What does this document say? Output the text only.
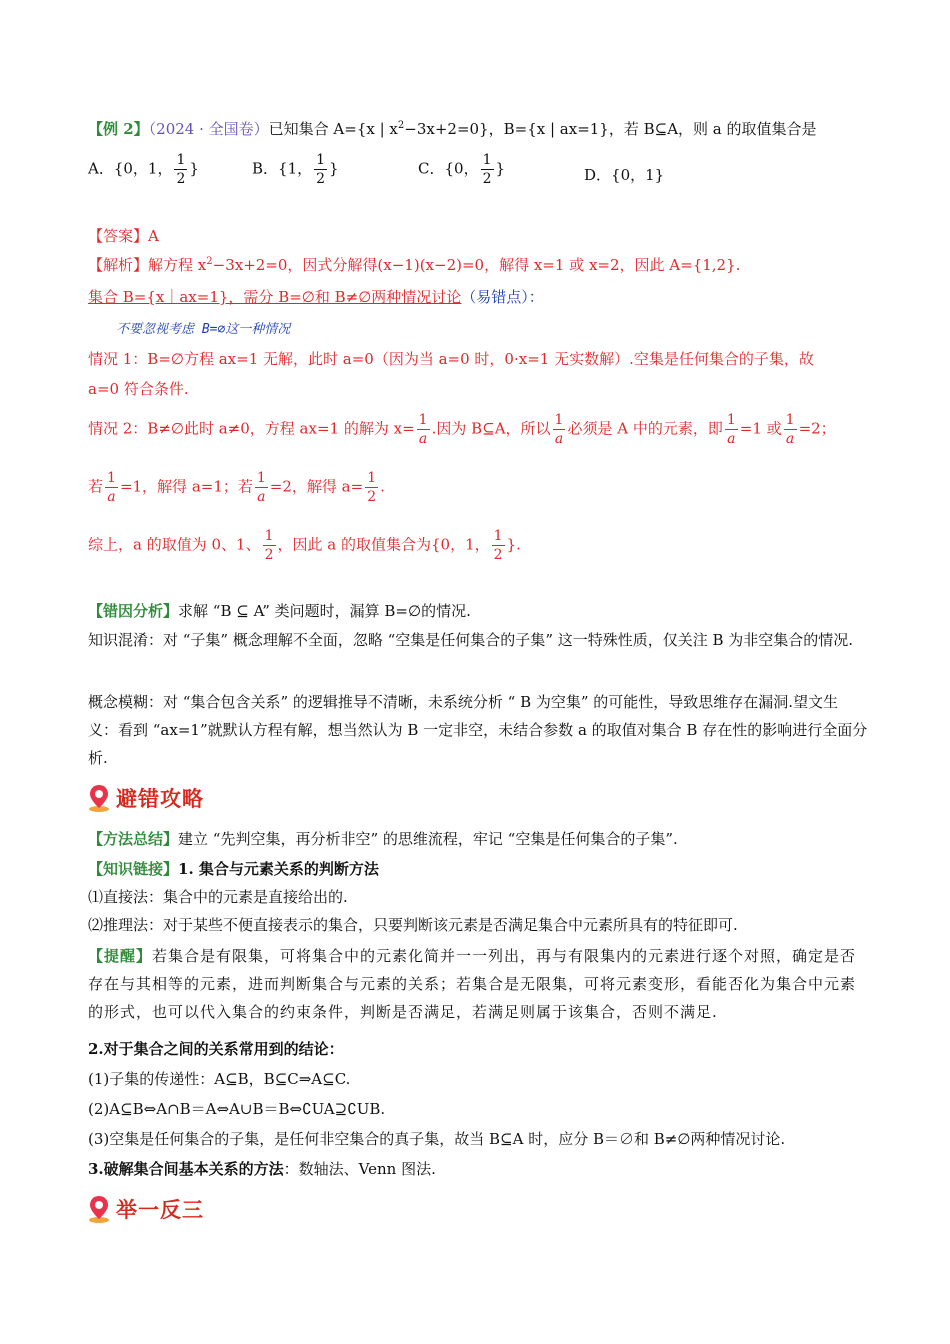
【例 2】（2024 · 全国卷）已知集合 A={x | $x^2-3x+2=0$}，B={x | ax=1}，若 B⊆A，则 a 的取值集合是
A．{0，1， $\frac{1}{2}$ }	B．{1， $\frac{1}{2}$ }	C．{0， $\frac{1}{2}$ }	D．{0，1}
【答案】A
【解析】解方程 $x^2-3x+2=0$，因式分解得(x−1)(x−2)=0，解得 x=1 或 x=2，因此 A={1,2}.
集合 B={x｜ax=1}，需分 B=∅和 B≠∅两种情况讨论（易错点）：
不要忽视考虑 B=∅这一种情况
情况 1：B=∅方程 ax=1 无解，此时 a=0（因为当 a=0 时，0·x=1 无实数解）.空集是任何集合的子集，故
a=0 符合条件.
情况 2：B≠∅此时 a≠0，方程 ax=1 的解为 $x= \frac{1}{a}$ .因为 B⊆A，所以 $\frac{1}{a}$ 必须是 A 中的元素，即 $\frac{1}{a} =1$ 或 $\frac{1}{a} =2$；
若 $\frac{1}{a} =1$，解得 a=1；若 $\frac{1}{a} =2$，解得 $a= \frac{1}{2}$ .
综上，a 的取值为 0、1、 $\frac{1}{2}$ ，因此 a 的取值集合为{0，1， $\frac{1}{2}$ }.
【错因分析】求解 “B ⊆ A” 类问题时，漏算 B=∅的情况.
知识混淆：对 “子集” 概念理解不全面，忽略 “空集是任何集合的子集” 这一特殊性质，仅关注 B 为非空集合的情况.
概念模糊：对 “集合包含关系” 的逻辑推导不清晰，未系统分析 “ B 为空集” 的可能性，导致思维存在漏洞.望文生义：看到 “ax=1”就默认方程有解，想当然认为 B 一定非空，未结合参数 a 的取值对集合 B 存在性的影响进行全面分析.
避错攻略
【方法总结】建立 “先判空集，再分析非空” 的思维流程，牢记 “空集是任何集合的子集”.
【知识链接】1. 集合与元素关系的判断方法
⑴直接法：集合中的元素是直接给出的.
⑵推理法：对于某些不便直接表示的集合，只要判断该元素是否满足集合中元素所具有的特征即可.
【提醒】若集合是有限集，可将集合中的元素化简并一一列出，再与有限集内的元素进行逐个对照，确定是否存在与其相等的元素，进而判断集合与元素的关系；若集合是无限集，可将元素变形，看能否化为集合中元素的形式，也可以代入集合的约束条件，判断是否满足，若满足则属于该集合，否则不满足.
2.对于集合之间的关系常用到的结论：
(1)子集的传递性：A⊆B，B⊆C⇒A⊆C.
(2)A⊆B⇔A∩B＝A⇔A∪B＝B⇔∁UA⊇∁UB.
(3)空集是任何集合的子集，是任何非空集合的真子集，故当 B⊆A 时，应分 B＝∅和 B≠∅两种情况讨论.
3.破解集合间基本关系的方法：数轴法、Venn 图法.
举一反三
